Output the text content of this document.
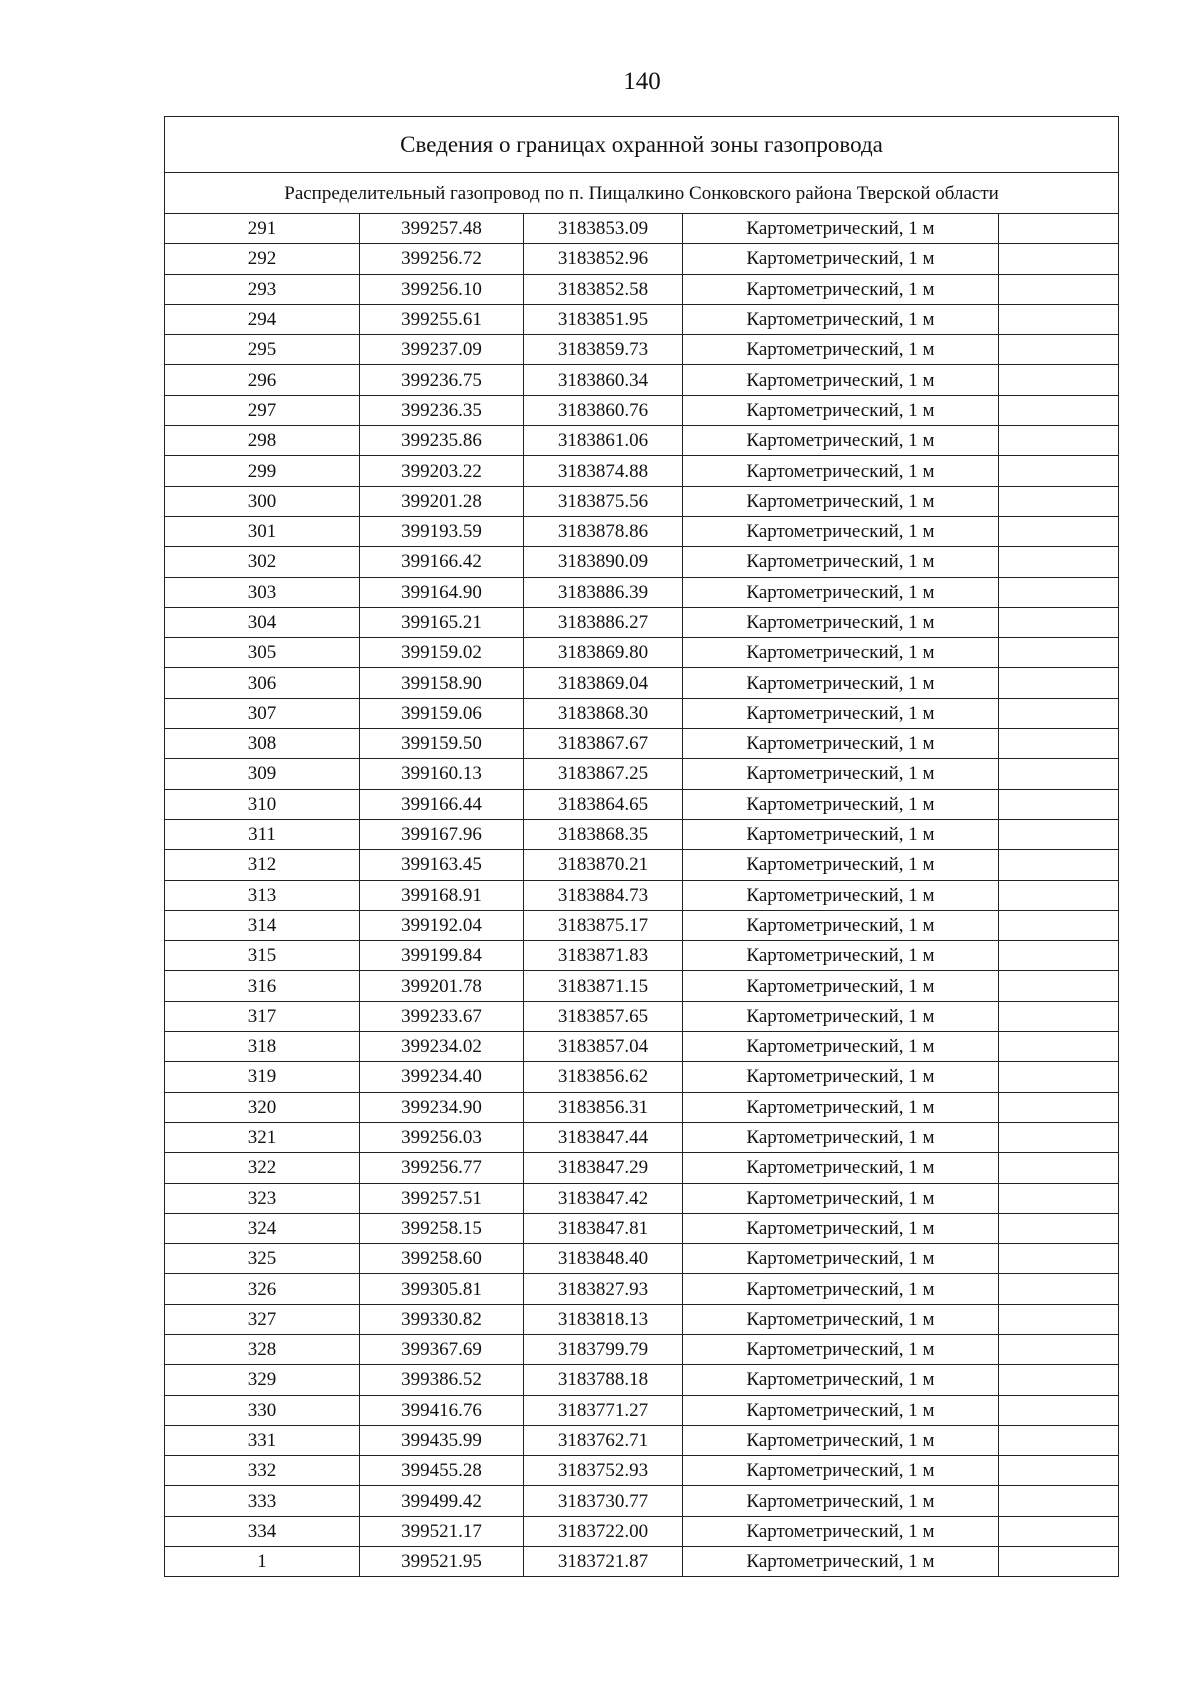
140
Сведения о границах охранной зоны газопровода				
Распределительный газопровод по п. Пищалкино Сонковского района Тверской области				
291	399257.48	3183853.09	Картометрический, 1 м	
292	399256.72	3183852.96	Картометрический, 1 м	
293	399256.10	3183852.58	Картометрический, 1 м	
294	399255.61	3183851.95	Картометрический, 1 м	
295	399237.09	3183859.73	Картометрический, 1 м	
296	399236.75	3183860.34	Картометрический, 1 м	
297	399236.35	3183860.76	Картометрический, 1 м	
298	399235.86	3183861.06	Картометрический, 1 м	
299	399203.22	3183874.88	Картометрический, 1 м	
300	399201.28	3183875.56	Картометрический, 1 м	
301	399193.59	3183878.86	Картометрический, 1 м	
302	399166.42	3183890.09	Картометрический, 1 м	
303	399164.90	3183886.39	Картометрический, 1 м	
304	399165.21	3183886.27	Картометрический, 1 м	
305	399159.02	3183869.80	Картометрический, 1 м	
306	399158.90	3183869.04	Картометрический, 1 м	
307	399159.06	3183868.30	Картометрический, 1 м	
308	399159.50	3183867.67	Картометрический, 1 м	
309	399160.13	3183867.25	Картометрический, 1 м	
310	399166.44	3183864.65	Картометрический, 1 м	
311	399167.96	3183868.35	Картометрический, 1 м	
312	399163.45	3183870.21	Картометрический, 1 м	
313	399168.91	3183884.73	Картометрический, 1 м	
314	399192.04	3183875.17	Картометрический, 1 м	
315	399199.84	3183871.83	Картометрический, 1 м	
316	399201.78	3183871.15	Картометрический, 1 м	
317	399233.67	3183857.65	Картометрический, 1 м	
318	399234.02	3183857.04	Картометрический, 1 м	
319	399234.40	3183856.62	Картометрический, 1 м	
320	399234.90	3183856.31	Картометрический, 1 м	
321	399256.03	3183847.44	Картометрический, 1 м	
322	399256.77	3183847.29	Картометрический, 1 м	
323	399257.51	3183847.42	Картометрический, 1 м	
324	399258.15	3183847.81	Картометрический, 1 м	
325	399258.60	3183848.40	Картометрический, 1 м	
326	399305.81	3183827.93	Картометрический, 1 м	
327	399330.82	3183818.13	Картометрический, 1 м	
328	399367.69	3183799.79	Картометрический, 1 м	
329	399386.52	3183788.18	Картометрический, 1 м	
330	399416.76	3183771.27	Картометрический, 1 м	
331	399435.99	3183762.71	Картометрический, 1 м	
332	399455.28	3183752.93	Картометрический, 1 м	
333	399499.42	3183730.77	Картометрический, 1 м	
334	399521.17	3183722.00	Картометрический, 1 м	
1	399521.95	3183721.87	Картометрический, 1 м	
